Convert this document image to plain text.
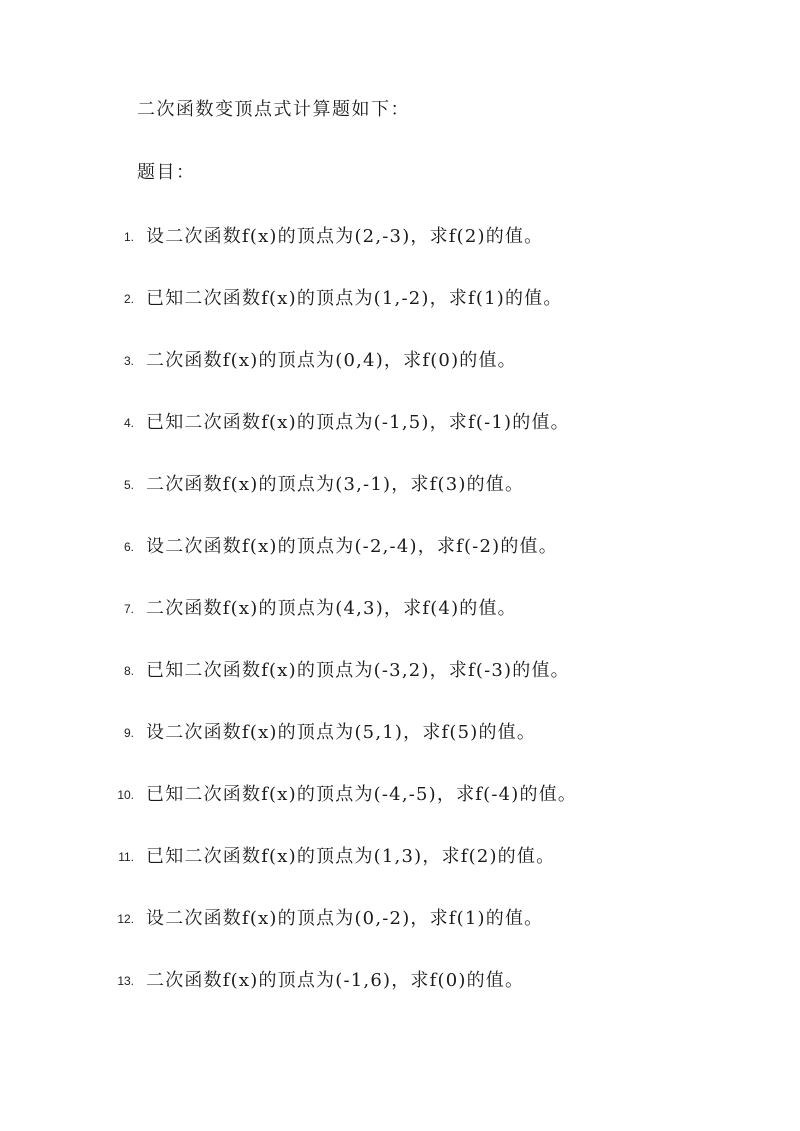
二次函数变顶点式计算题如下：
题目：
1. 设二次函数f(x)的顶点为(2,-3)，求f(2)的值。
2. 已知二次函数f(x)的顶点为(1,-2)，求f(1)的值。
3. 二次函数f(x)的顶点为(0,4)，求f(0)的值。
4. 已知二次函数f(x)的顶点为(-1,5)，求f(-1)的值。
5. 二次函数f(x)的顶点为(3,-1)，求f(3)的值。
6. 设二次函数f(x)的顶点为(-2,-4)，求f(-2)的值。
7. 二次函数f(x)的顶点为(4,3)，求f(4)的值。
8. 已知二次函数f(x)的顶点为(-3,2)，求f(-3)的值。
9. 设二次函数f(x)的顶点为(5,1)，求f(5)的值。
10. 已知二次函数f(x)的顶点为(-4,-5)，求f(-4)的值。
11. 已知二次函数f(x)的顶点为(1,3)，求f(2)的值。
12. 设二次函数f(x)的顶点为(0,-2)，求f(1)的值。
13. 二次函数f(x)的顶点为(-1,6)，求f(0)的值。
